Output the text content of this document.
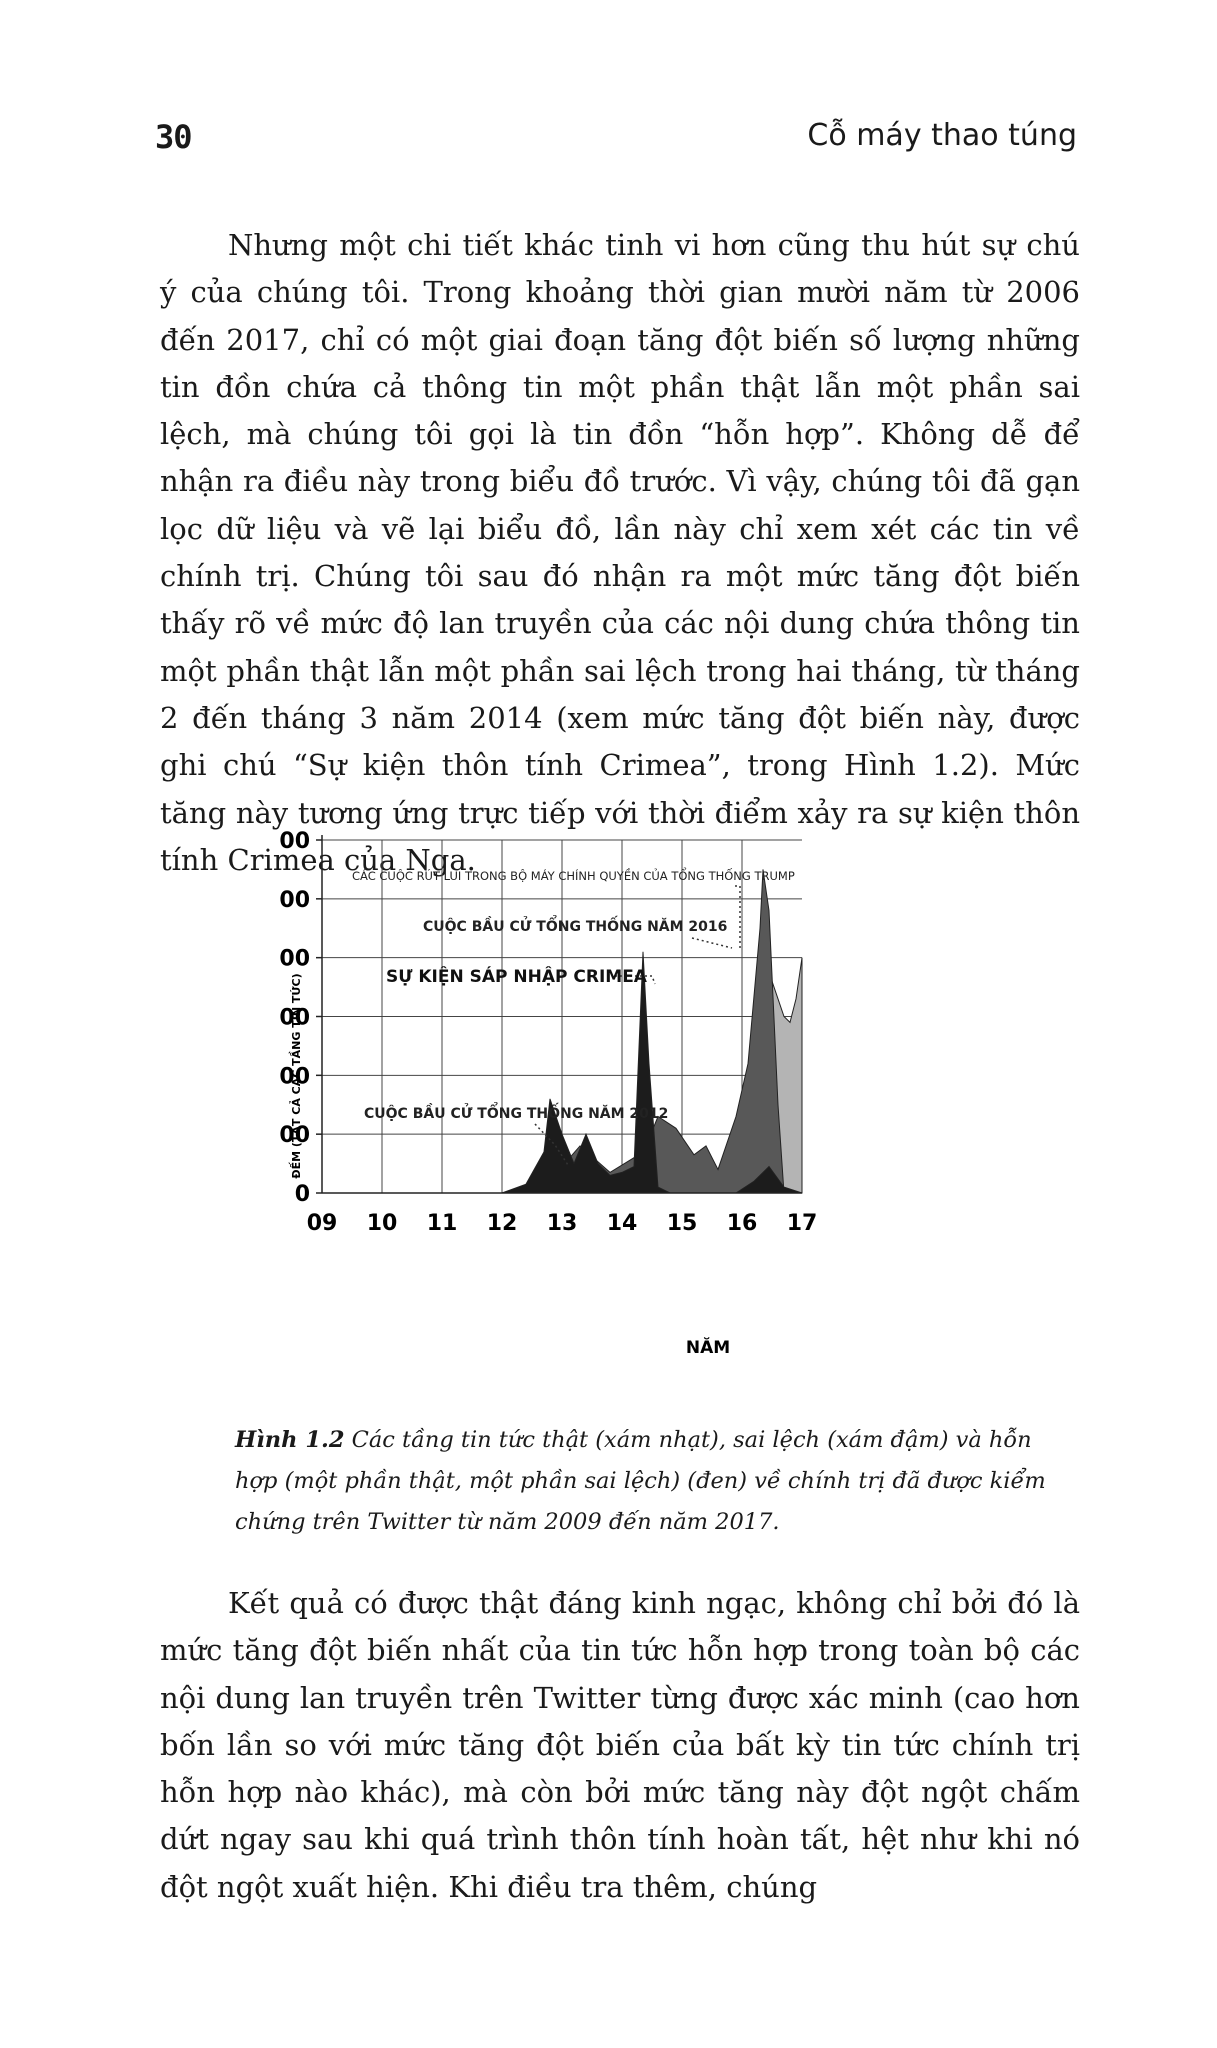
30	Cỗ máy thao túng

Nhưng một chi tiết khác tinh vi hơn cũng thu hút sự chú ý của chúng tôi. Trong khoảng thời gian mười năm từ 2006 đến 2017, chỉ có một giai đoạn tăng đột biến số lượng những tin đồn chứa cả thông tin một phần thật lẫn một phần sai lệch, mà chúng tôi gọi là tin đồn “hỗn hợp”. Không dễ để nhận ra điều này trong biểu đồ trước. Vì vậy, chúng tôi đã gạn lọc dữ liệu và vẽ lại biểu đồ, lần này chỉ xem xét các tin về chính trị. Chúng tôi sau đó nhận ra một mức tăng đột biến thấy rõ về mức độ lan truyền của các nội dung chứa thông tin một phần thật lẫn một phần sai lệch trong hai tháng, từ tháng 2 đến tháng 3 năm 2014 (xem mức tăng đột biến này, được ghi chú “Sự kiện thôn tính Crimea”, trong Hình 1.2). Mức tăng này tương ứng trực tiếp với thời điểm xảy ra sự kiện thôn tính Crimea của Nga.

00
00
00
00
00
00
0
09 10 11 12 13 14 15 16 17
ĐẾM (TẤT CẢ CÁC TẦNG TIN TỨC)
NĂM
CÁC CUỘC RÚT LUI TRONG BỘ MÁY CHÍNH QUYỀN CỦA TỔNG THỐNG TRUMP
CUỘC BẦU CỬ TỔNG THỐNG NĂM 2016
SỰ KIỆN SÁP NHẬP CRIMEA
CUỘC BẦU CỬ TỔNG THỐNG NĂM 2012

Hình 1.2 Các tầng tin tức thật (xám nhạt), sai lệch (xám đậm) và hỗn hợp (một phần thật, một phần sai lệch) (đen) về chính trị đã được kiểm chứng trên Twitter từ năm 2009 đến năm 2017.

Kết quả có được thật đáng kinh ngạc, không chỉ bởi đó là mức tăng đột biến nhất của tin tức hỗn hợp trong toàn bộ các nội dung lan truyền trên Twitter từng được xác minh (cao hơn bốn lần so với mức tăng đột biến của bất kỳ tin tức chính trị hỗn hợp nào khác), mà còn bởi mức tăng này đột ngột chấm dứt ngay sau khi quá trình thôn tính hoàn tất, hệt như khi nó đột ngột xuất hiện. Khi điều tra thêm, chúng
